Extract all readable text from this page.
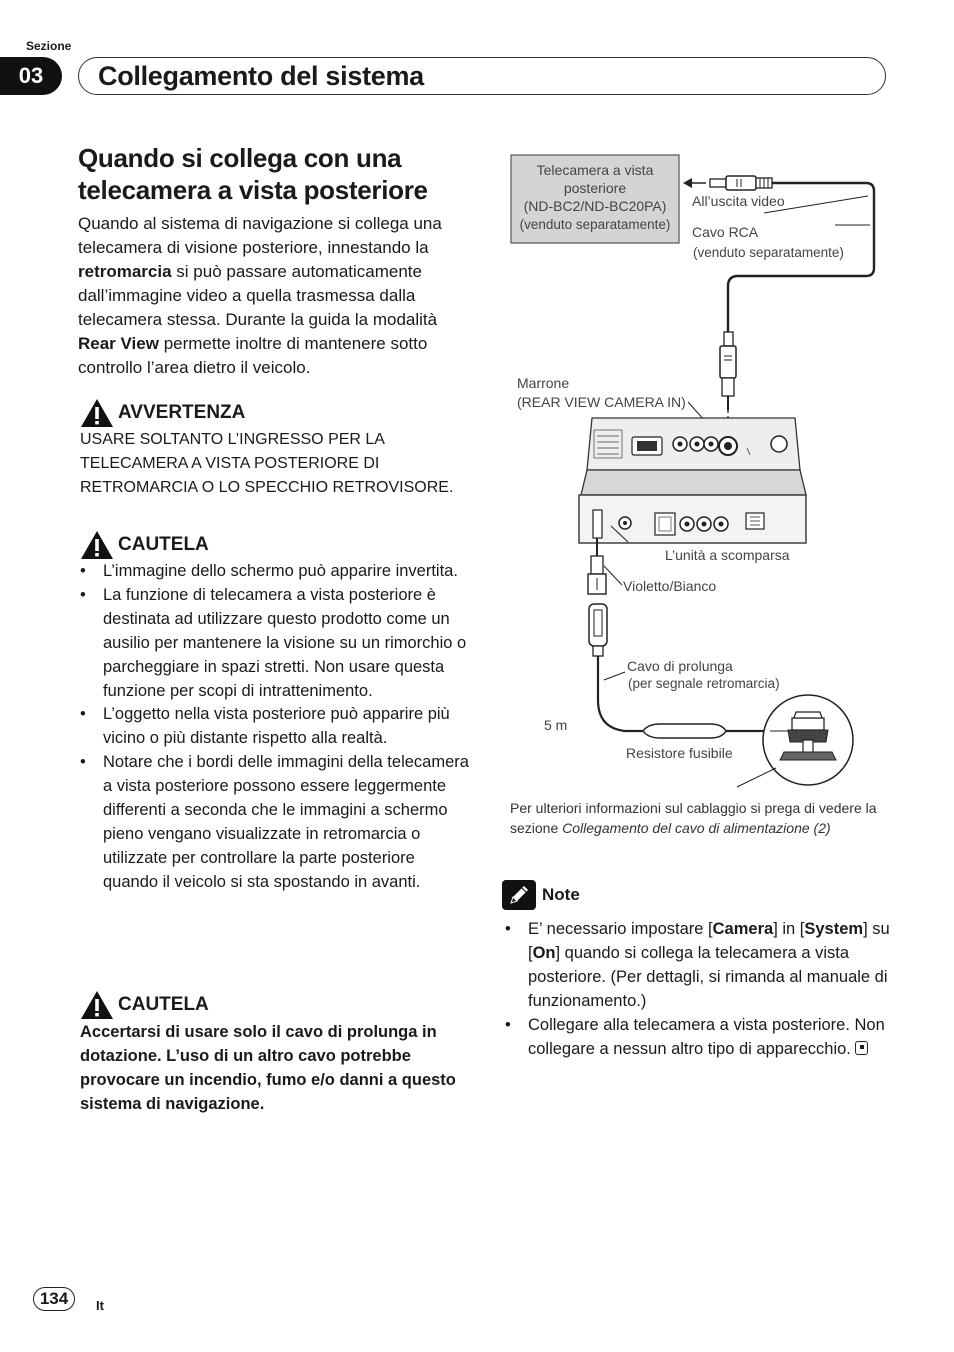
Sezione
03	Collegamento del sistema
Quando si collega con una telecamera a vista posteriore

Quando al sistema di navigazione si collega una telecamera di visione posteriore, innestando la retromarcia si può passare automaticamente dall’immagine video a quella trasmessa dalla telecamera stessa. Durante la guida la modalità Rear View permette inoltre di mantenere sotto controllo l’area dietro il veicolo.

AVVERTENZA

USARE SOLTANTO L’INGRESSO PER LA TELECAMERA A VISTA POSTERIORE DI RETROMARCIA O LO SPECCHIO RETROVISORE.

CAUTELA
• L’immagine dello schermo può apparire invertita.
• La funzione di telecamera a vista posteriore è destinata ad utilizzare questo prodotto come un ausilio per mantenere la visione su un rimorchio o parcheggiare in spazi stretti. Non usare questa funzione per scopi di intrattenimento.
• L’oggetto nella vista posteriore può apparire più vicino o più distante rispetto alla realtà.
• Notare che i bordi delle immagini della telecamera a vista posteriore possono essere leggermente differenti a seconda che le immagini a schermo pieno vengano visualizzate in retromarcia o utilizzate per controllare la parte posteriore quando il veicolo si sta spostando in avanti.
CAUTELA

Accertarsi di usare solo il cavo di prolunga in dotazione. L’uso di un altro cavo potrebbe provocare un incendio, fumo e/o danni a questo sistema di navigazione.

Telecamera a vista
posteriore
(ND-BC2/ND-BC20PA)
(venduto separatamente)
All’uscita video
Cavo RCA
(venduto separatamente)
Marrone
(REAR VIEW CAMERA IN)
L’unità a scomparsa
Violetto/Bianco
Cavo di prolunga
(per segnale retromarcia)
5 m
Resistore fusibile

Per ulteriori informazioni sul cablaggio si prega di vedere la sezione Collegamento del cavo di alimentazione (2)

Note
• E’ necessario impostare [Camera] in [System] su [On] quando si collega la telecamera a vista posteriore. (Per dettagli, si rimanda al manuale di funzionamento.)
• Collegare alla telecamera a vista posteriore. Non collegare a nessun altro tipo di apparecchio.
134	It
